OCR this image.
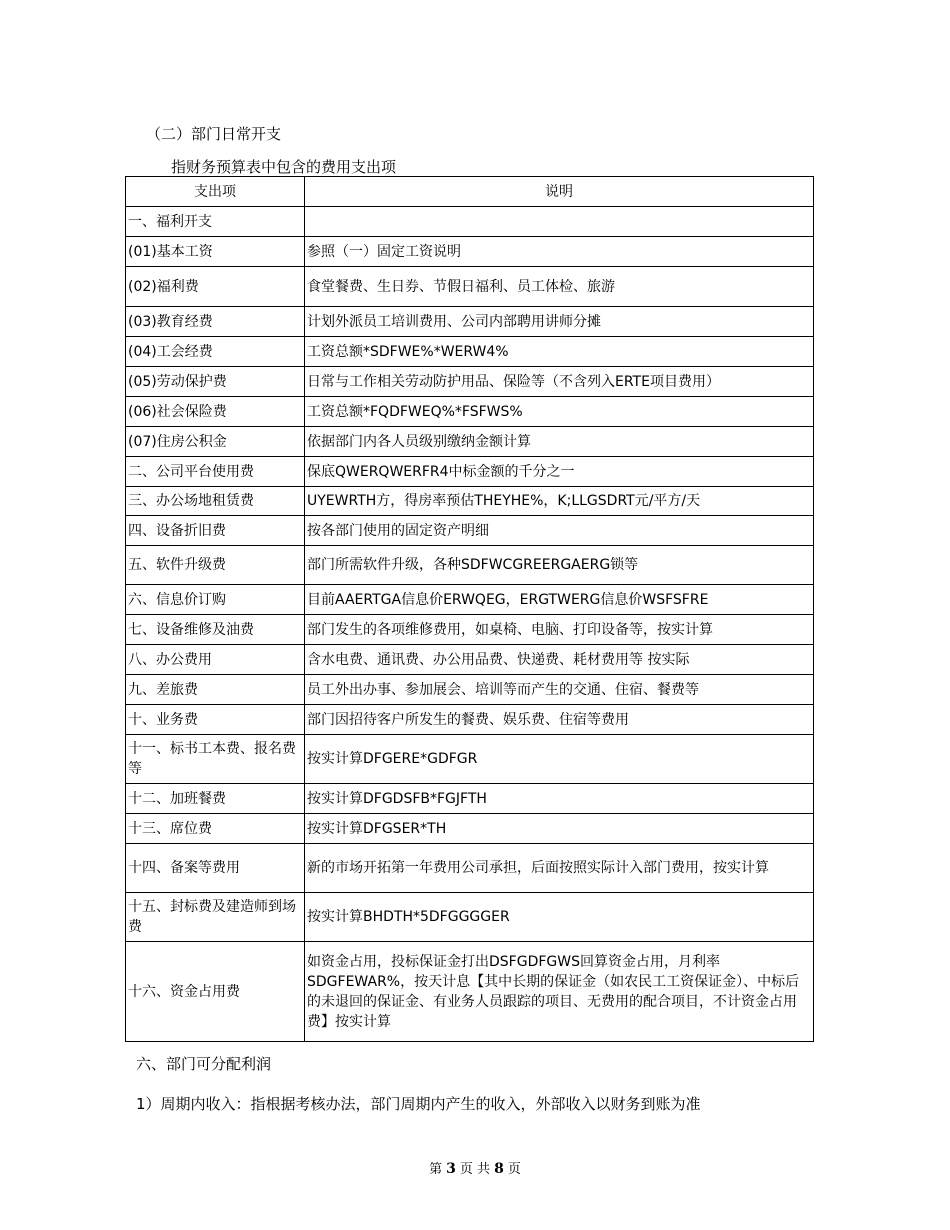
（二）部门日常开支
指财务预算表中包含的费用支出项
支出项	说明
一、福利开支	
(01)基本工资	参照（一）固定工资说明
(02)福利费	食堂餐费、生日券、节假日福利、员工体检、旅游
(03)教育经费	计划外派员工培训费用、公司内部聘用讲师分摊
(04)工会经费	工资总额*SDFWE%*WERW4%
(05)劳动保护费	日常与工作相关劳动防护用品、保险等（不含列入ERTE项目费用）
(06)社会保险费	工资总额*FQDFWEQ%*FSFWS%
(07)住房公积金	依据部门内各人员级别缴纳金额计算
二、公司平台使用费	保底QWERQWERFR4中标金额的千分之一
三、办公场地租赁费	UYEWRTH方，得房率预估THEYHE%，K;LLGSDRT元/平方/天
四、设备折旧费	按各部门使用的固定资产明细
五、软件升级费	部门所需软件升级，各种SDFWCGREERGAERG锁等
六、信息价订购	目前AAERTGA信息价ERWQEG，ERGTWERG信息价WSFSFRE
七、设备维修及油费	部门发生的各项维修费用，如桌椅、电脑、打印设备等，按实计算
八、办公费用	含水电费、通讯费、办公用品费、快递费、耗材费用等 按实际
九、差旅费	员工外出办事、参加展会、培训等而产生的交通、住宿、餐费等
十、业务费	部门因招待客户所发生的餐费、娱乐费、住宿等费用
十一、标书工本费、报名费等	按实计算DFGERE*GDFGR
十二、加班餐费	按实计算DFGDSFB*FGJFTH
十三、席位费	按实计算DFGSER*TH
十四、备案等费用	新的市场开拓第一年费用公司承担，后面按照实际计入部门费用，按实计算
十五、封标费及建造师到场费	按实计算BHDTH*5DFGGGGER
十六、资金占用费	如资金占用，投标保证金打出DSFGDFGWS回算资金占用，月利率SDGFEWAR%，按天计息【其中长期的保证金（如农民工工资保证金）、中标后的未退回的保证金、有业务人员跟踪的项目、无费用的配合项目，不计资金占用费】按实计算
六、部门可分配利润
1）周期内收入：指根据考核办法，部门周期内产生的收入，外部收入以财务到账为准
第 3 页 共 8 页
